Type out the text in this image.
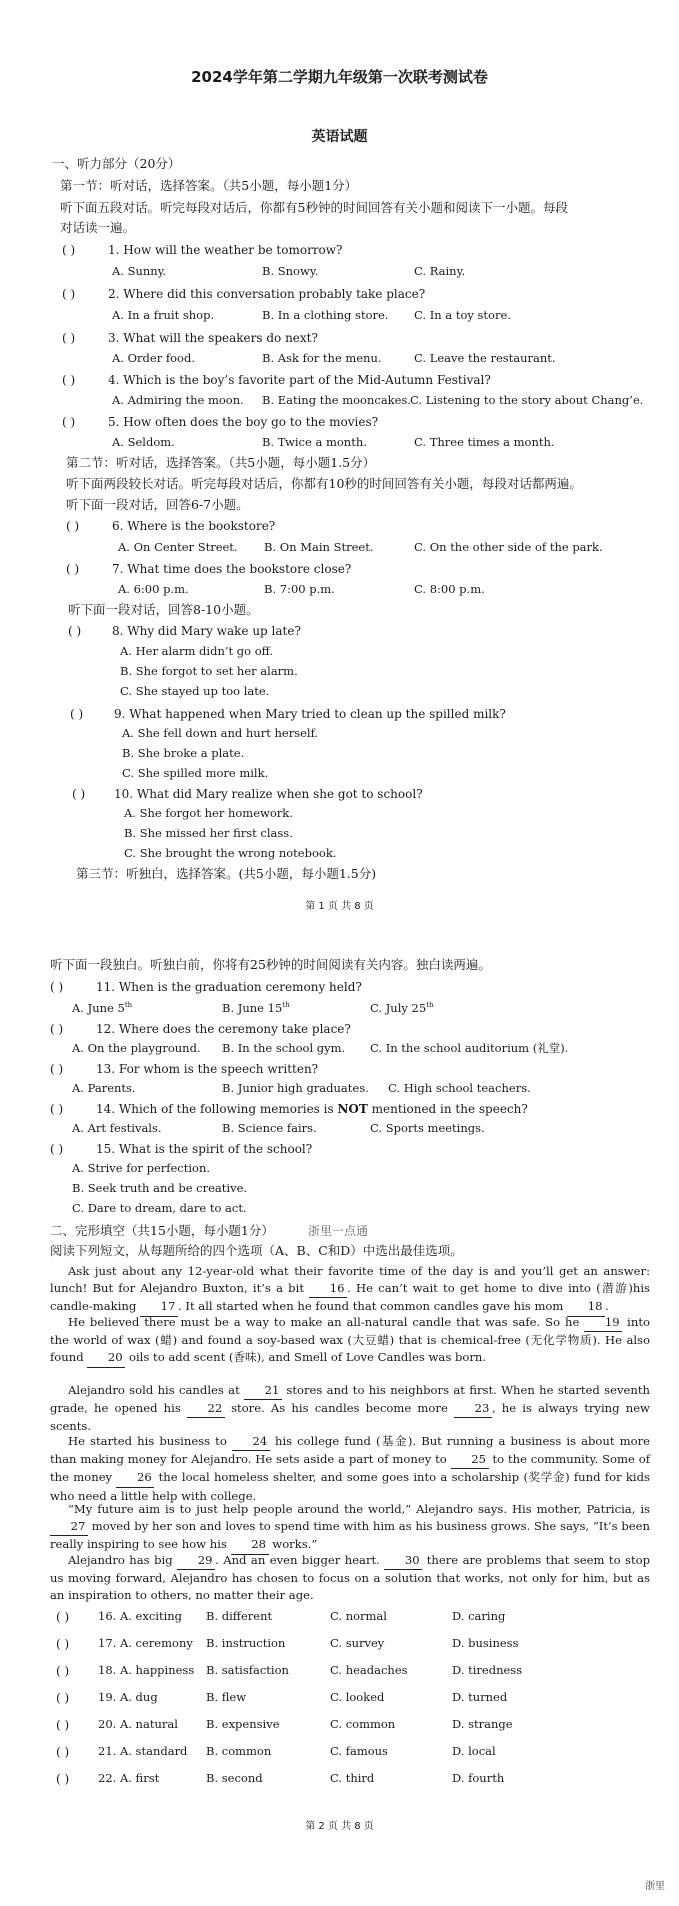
2024学年第二学期九年级第一次联考测试卷
英语试题
一、听力部分（20分）
第一节：听对话，选择答案。（共5小题，每小题1分）
听下面五段对话。听完每段对话后，你都有5秒钟的时间回答有关小题和阅读下一小题。每段
对话读一遍。
( )	1. How will the weather be tomorrow?
A. Sunny.	B. Snowy.	C. Rainy.
( )	2. Where did this conversation probably take place?
A. In a fruit shop.	B. In a clothing store. C. In a toy store.
( )	3. What will the speakers do next?
A. Order food.	B. Ask for the menu.	C. Leave the restaurant.
( )	4. Which is the boy’s favorite part of the Mid-Autumn Festival?
A. Admiring the moon. B. Eating the mooncakes.
C. Listening to the story about Chang’e.
( )	5. How often does the boy go to the movies?
A. Seldom.	B. Twice a month.	C. Three times a month.
第二节：听对话，选择答案。（共5小题，每小题1.5分）
听下面两段较长对话。听完每段对话后，你都有10秒的时间回答有关小题，每段对话都两遍。
听下面一段对话，回答6-7小题。
( )	6. Where is the bookstore?
A. On Center Street. B. On Main Street.	C. On the other side of the park.
( )	7. What time does the bookstore close?
A. 6:00 p.m.	B. 7:00 p.m.	C. 8:00 p.m.
听下面一段对话，回答8-10小题。
( )	8. Why did Mary wake up late?
A. Her alarm didn’t go off.
B. She forgot to set her alarm.
C. She stayed up too late.
( )	9. What happened when Mary tried to clean up the spilled milk?
A. She fell down and hurt herself.
B. She broke a plate.
C. She spilled more milk.
( ) 10. What did Mary realize when she got to school?
A. She forgot her homework.
B. She missed her first class.
C. She brought the wrong notebook.
第三节：听独白，选择答案。(共5小题，每小题1.5分)
第 1 页 共 8 页
听下面一段独白。听独白前，你将有25秒钟的时间阅读有关内容。独白读两遍。
( )	11. When is the graduation ceremony held?
A. June 5th	B. June 15th	C. July 25th
( )	12. Where does the ceremony take place?
A. On the playground. B. In the school gym. C. In the school auditorium (礼堂).
( )	13. For whom is the speech written?
A. Parents.	B. Junior high graduates. C. High school teachers.
( )	14. Which of the following memories is NOT mentioned in the speech?
A. Art festivals.	B. Science fairs.	C. Sports meetings.
( )	15. What is the spirit of the school?
A. Strive for perfection.
B. Seek truth and be creative.
C. Dare to dream, dare to act.
二、完形填空（共15小题，每小题1分）	浙里一点通
阅读下列短文，从每题所给的四个选项（A、B、C和D）中选出最佳选项。
Ask just about any 12-year-old what their favorite time of the day is and you’ll get an answer: lunch! But for Alejandro Buxton, it’s a bit 16 . He can’t wait to get home to dive into (潜游)his candle-making 17 . It all started when he found that common candles gave his mom 18 .
He believed there must be a way to make an all-natural candle that was safe. So he 19 into the world of wax (蜡) and found a soy-based wax (大豆蜡) that is chemical-free (无化学物质). He also found 20 oils to add scent (香味), and Smell of Love Candles was born.
Alejandro sold his candles at 21 stores and to his neighbors at first. When he started seventh grade, he opened his 22 store. As his candles become more 23 , he is always trying new scents.
He started his business to 24 his college fund (基金). But running a business is about more than making money for Alejandro. He sets aside a part of money to 25 to the community. Some of the money 26 the local homeless shelter, and some goes into a scholarship (奖学金) fund for kids who need a little help with college.
“My future aim is to just help people around the world,” Alejandro says. His mother, Patricia, is 27 moved by her son and loves to spend time with him as his business grows. She says, “It’s been really inspiring to see how his 28 works.”
Alejandro has big 29 . And an even bigger heart. 30 there are problems that seem to stop us moving forward, Alejandro has chosen to focus on a solution that works, not only for him, but as an inspiration to others, no matter their age.
( )	16. A. exciting B. different	C. normal	D. caring
( )	17. A. ceremony B. instruction	C. survey	D. business
( )	18. A. happiness B. satisfaction	C. headaches	D. tiredness
( )	19. A. dug	B. flew	C. looked	D. turned
( )	20. A. natural B. expensive	C. common	D. strange
( )	21. A. standard B. common	C. famous	D. local
( )	22. A. first	B. second	C. third	D. fourth
第 2 页 共 8 页
浙里
